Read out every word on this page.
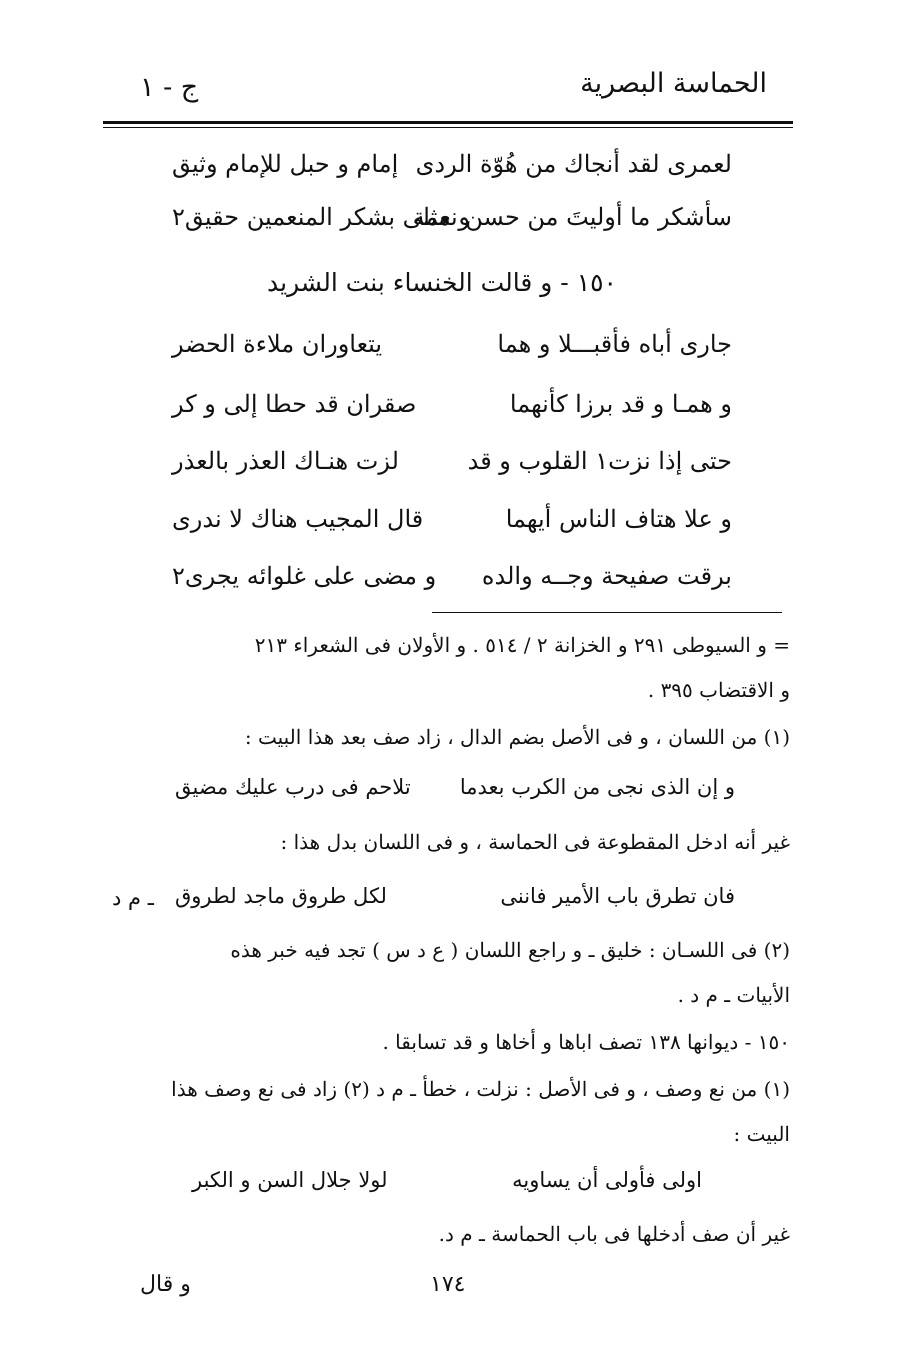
الحماسة البصرية
ج - ١
لعمرى لقد أنجاك من هُوّة الردى
إمام و حبل للإمام وثيق
سأشكر ما أوليتَ من حسن نعمة
و مثلى بشكر المنعمين حقيق٢
١٥٠ - و قالت الخنساء بنت الشريد
جارى أباه فأقبـــلا و هما
يتعاوران ملاءة الحضر
و همـا و قد برزا كأنهما
صقران قد حطا إلى و كر
حتى إذا نزت١ القلوب و قد
لزت هنـاك العذر بالعذر
و علا هتاف الناس أيهما
قال المجيب هناك لا ندرى
برقت صفيحة وجــه والده
و مضى على غلوائه يجرى٢
= و السيوطى ٢٩١ و الخزانة ٢ / ٥١٤ . و الأولان فى الشعراء ٢١٣
و الاقتضاب ٣٩٥ .
(١) من اللسان ، و فى الأصل بضم الدال ، زاد صف بعد هذا البيت :
و إن الذى نجى من الكرب بعدما
تلاحم فى درب عليك مضيق
غير أنه ادخل المقطوعة فى الحماسة ، و فى اللسان بدل هذا :
فان تطرق باب الأمير فاننى
لكل طروق ماجد لطروق
ـ م د
(٢) فى اللسـان : خليق ـ و راجع اللسان ( ع د س ) تجد فيه خبر هذه
الأبيات ـ م د .
١٥٠ - ديوانها ١٣٨ تصف اباها و أخاها و قد تسابقا .
(١) من نع وصف ، و فى الأصل : نزلت ، خطأ ـ م د (٢) زاد فى نع وصف هذا
البيت :
اولى فأولى أن يساويه
لولا جلال السن و الكبر
غير أن صف أدخلها فى باب الحماسة ـ م د.
١٧٤
و قال
